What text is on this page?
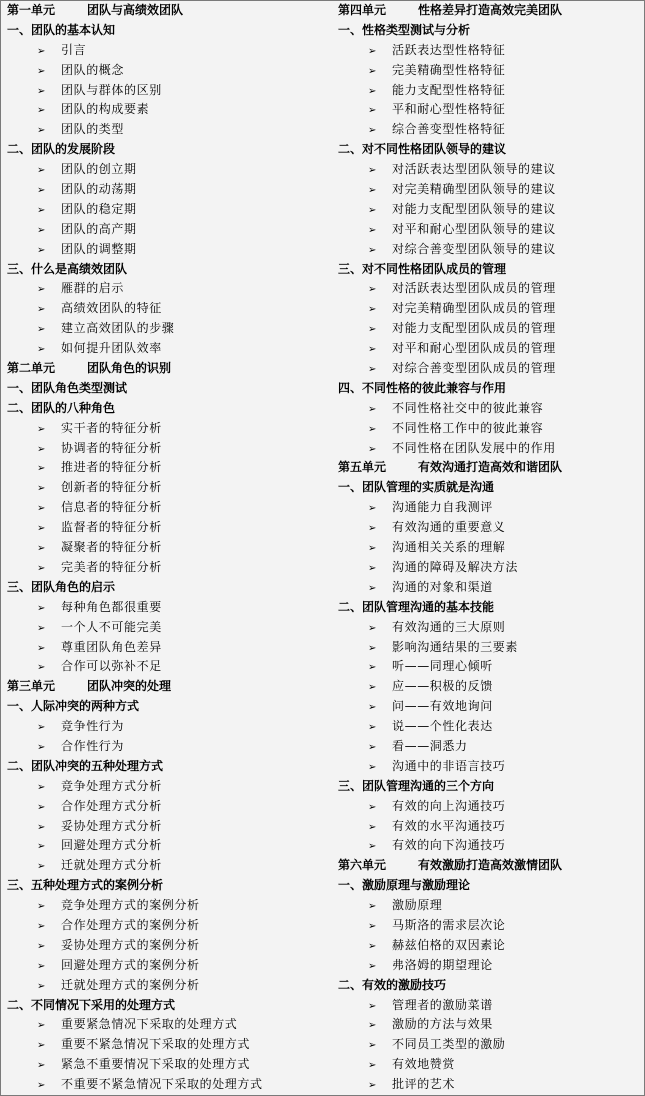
第一单元	团队与高绩效团队
一、团队的基本认知
➢ 引言
➢ 团队的概念
➢ 团队与群体的区别
➢ 团队的构成要素
➢ 团队的类型
二、团队的发展阶段
➢ 团队的创立期
➢ 团队的动荡期
➢ 团队的稳定期
➢ 团队的高产期
➢ 团队的调整期
三、什么是高绩效团队
➢ 雁群的启示
➢ 高绩效团队的特征
➢ 建立高效团队的步骤
➢ 如何提升团队效率
第二单元	团队角色的识别
一、团队角色类型测试
二、团队的八种角色
➢ 实干者的特征分析
➢ 协调者的特征分析
➢ 推进者的特征分析
➢ 创新者的特征分析
➢ 信息者的特征分析
➢ 监督者的特征分析
➢ 凝聚者的特征分析
➢ 完美者的特征分析
三、团队角色的启示
➢ 每种角色都很重要
➢ 一个人不可能完美
➢ 尊重团队角色差异
➢ 合作可以弥补不足
第三单元	团队冲突的处理
一、人际冲突的两种方式
➢ 竞争性行为
➢ 合作性行为
二、团队冲突的五种处理方式
➢ 竞争处理方式分析
➢ 合作处理方式分析
➢ 妥协处理方式分析
➢ 回避处理方式分析
➢ 迁就处理方式分析
三、五种处理方式的案例分析
➢ 竞争处理方式的案例分析
➢ 合作处理方式的案例分析
➢ 妥协处理方式的案例分析
➢ 回避处理方式的案例分析
➢ 迁就处理方式的案例分析
二、不同情况下采用的处理方式
➢ 重要紧急情况下采取的处理方式
➢ 重要不紧急情况下采取的处理方式
➢ 紧急不重要情况下采取的处理方式
➢ 不重要不紧急情况下采取的处理方式
第四单元	性格差异打造高效完美团队
一、性格类型测试与分析
➢ 活跃表达型性格特征
➢ 完美精确型性格特征
➢ 能力支配型性格特征
➢ 平和耐心型性格特征
➢ 综合善变型性格特征
二、对不同性格团队领导的建议
➢ 对活跃表达型团队领导的建议
➢ 对完美精确型团队领导的建议
➢ 对能力支配型团队领导的建议
➢ 对平和耐心型团队领导的建议
➢ 对综合善变型团队领导的建议
三、对不同性格团队成员的管理
➢ 对活跃表达型团队成员的管理
➢ 对完美精确型团队成员的管理
➢ 对能力支配型团队成员的管理
➢ 对平和耐心型团队成员的管理
➢ 对综合善变型团队成员的管理
四、不同性格的彼此兼容与作用
➢ 不同性格社交中的彼此兼容
➢ 不同性格工作中的彼此兼容
➢ 不同性格在团队发展中的作用
第五单元	有效沟通打造高效和谐团队
一、团队管理的实质就是沟通
➢ 沟通能力自我测评
➢ 有效沟通的重要意义
➢ 沟通相关关系的理解
➢ 沟通的障碍及解决方法
➢ 沟通的对象和渠道
二、团队管理沟通的基本技能
➢ 有效沟通的三大原则
➢ 影响沟通结果的三要素
➢ 听——同理心倾听
➢ 应——积极的反馈
➢ 问——有效地询问
➢ 说——个性化表达
➢ 看——洞悉力
➢ 沟通中的非语言技巧
三、团队管理沟通的三个方向
➢ 有效的向上沟通技巧
➢ 有效的水平沟通技巧
➢ 有效的向下沟通技巧
第六单元	有效激励打造高效激情团队
一、激励原理与激励理论
➢ 激励原理
➢ 马斯洛的需求层次论
➢ 赫兹伯格的双因素论
➢ 弗洛姆的期望理论
二、有效的激励技巧
➢ 管理者的激励菜谱
➢ 激励的方法与效果
➢ 不同员工类型的激励
➢ 有效地赞赏
➢ 批评的艺术
